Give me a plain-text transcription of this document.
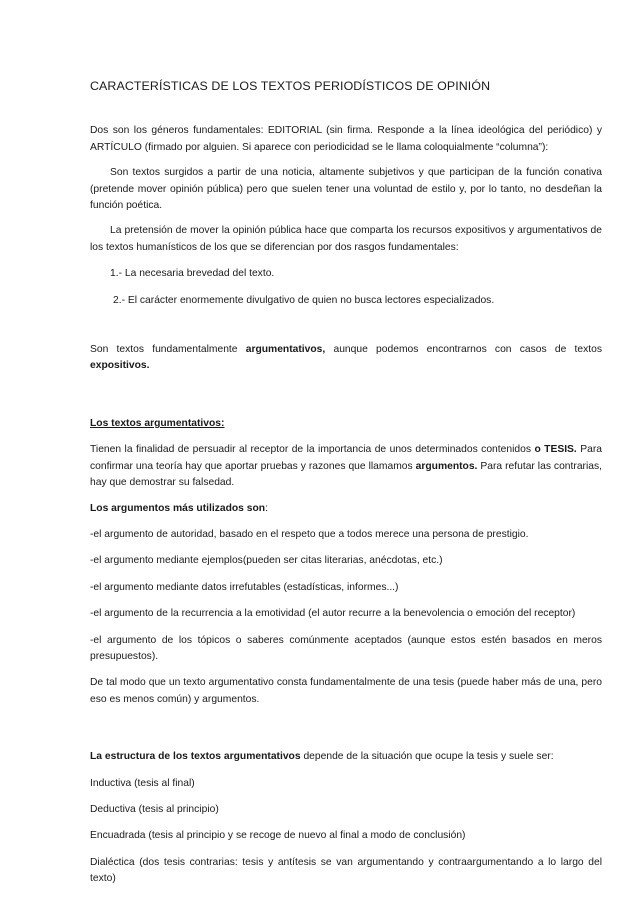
CARACTERÍSTICAS DE LOS TEXTOS PERIODÍSTICOS DE OPINIÓN

Dos son los géneros fundamentales: EDITORIAL (sin firma. Responde a la línea ideológica del periódico) y ARTÍCULO (firmado por alguien. Si aparece con periodicidad se le llama coloquialmente “columna”):

Son textos surgidos a partir de una noticia, altamente subjetivos y que participan de la función conativa (pretende mover opinión pública) pero que suelen tener una voluntad de estilo y, por lo tanto, no desdeñan la función poética.

La pretensión de mover la opinión pública hace que comparta los recursos expositivos y argumentativos de los textos humanísticos de los que se diferencian por dos rasgos fundamentales:

1.- La necesaria brevedad del texto.

2.- El carácter enormemente divulgativo de quien no busca lectores especializados.

Son textos fundamentalmente argumentativos, aunque podemos encontrarnos con casos de textos expositivos.

Los textos argumentativos:

Tienen la finalidad de persuadir al receptor de la importancia de unos determinados contenidos o TESIS. Para confirmar una teoría hay que aportar pruebas y razones que llamamos argumentos. Para refutar las contrarias, hay que demostrar su falsedad.

Los argumentos más utilizados son:

-el argumento de autoridad, basado en el respeto que a todos merece una persona de prestigio.

-el argumento mediante ejemplos(pueden ser citas literarias, anécdotas, etc.)

-el argumento mediante datos irrefutables (estadísticas, informes...)

-el argumento de la recurrencia a la emotividad (el autor recurre a la benevolencia o emoción del receptor)

-el argumento de los tópicos o saberes comúnmente aceptados (aunque estos estén basados en meros presupuestos).

De tal modo que un texto argumentativo consta fundamentalmente de una tesis (puede haber más de una, pero eso es menos común) y argumentos.

La estructura de los textos argumentativos depende de la situación que ocupe la tesis y suele ser:

Inductiva (tesis al final)

Deductiva (tesis al principio)

Encuadrada (tesis al principio y se recoge de nuevo al final a modo de conclusión)

Dialéctica (dos tesis contrarias: tesis y antítesis se van argumentando y contraargumentando a lo largo del texto)
